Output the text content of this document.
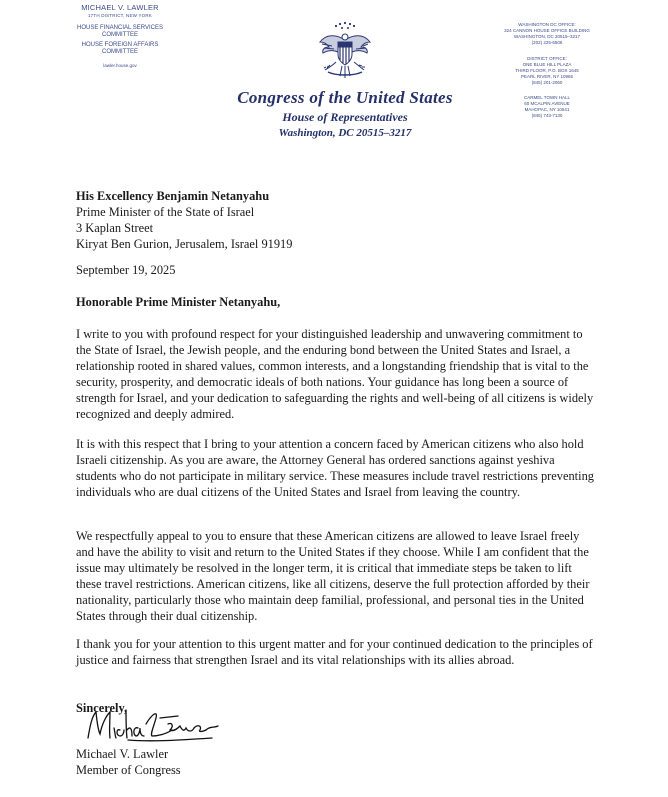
MICHAEL V. LAWLER
17TH DISTRICT, NEW YORK
HOUSE FINANCIAL SERVICES
COMMITTEE
HOUSE FOREIGN AFFAIRS
COMMITTEE
lawler.house.gov
Congress of the United States
House of Representatives
Washington, DC 20515–3217
WASHINGTON DC OFFICE:
324 CANNON HOUSE OFFICE BUILDING
WASHINGTON, DC 20515–3217
(202) 225-6506
DISTRICT OFFICE:
ONE BLUE HILL PLAZA
THIRD FLOOR, P.O. BOX 1645
PEARL RIVER, NY 10965
(845) 201-2060
CARMEL TOWN HALL
60 MCALPIN AVENUE
MAHOPAC, NY 10541
(845) 743-7130
His Excellency Benjamin Netanyahu
Prime Minister of the State of Israel
3 Kaplan Street
Kiryat Ben Gurion, Jerusalem, Israel 91919
September 19, 2025
Honorable Prime Minister Netanyahu,

I write to you with profound respect for your distinguished leadership and unwavering commitment to the State of Israel, the Jewish people, and the enduring bond between the United States and Israel, a relationship rooted in shared values, common interests, and a longstanding friendship that is vital to the security, prosperity, and democratic ideals of both nations. Your guidance has long been a source of strength for Israel, and your dedication to safeguarding the rights and well-being of all citizens is widely recognized and deeply admired.

It is with this respect that I bring to your attention a concern faced by American citizens who also hold Israeli citizenship. As you are aware, the Attorney General has ordered sanctions against yeshiva students who do not participate in military service. These measures include travel restrictions preventing individuals who are dual citizens of the United States and Israel from leaving the country.

We respectfully appeal to you to ensure that these American citizens are allowed to leave Israel freely and have the ability to visit and return to the United States if they choose. While I am confident that the issue may ultimately be resolved in the longer term, it is critical that immediate steps be taken to lift these travel restrictions. American citizens, like all citizens, deserve the full protection afforded by their nationality, particularly those who maintain deep familial, professional, and personal ties in the United States through their dual citizenship.

I thank you for your attention to this urgent matter and for your continued dedication to the principles of justice and fairness that strengthen Israel and its vital relationships with its allies abroad.

Sincerely,
Michael V. Lawler
Member of Congress
